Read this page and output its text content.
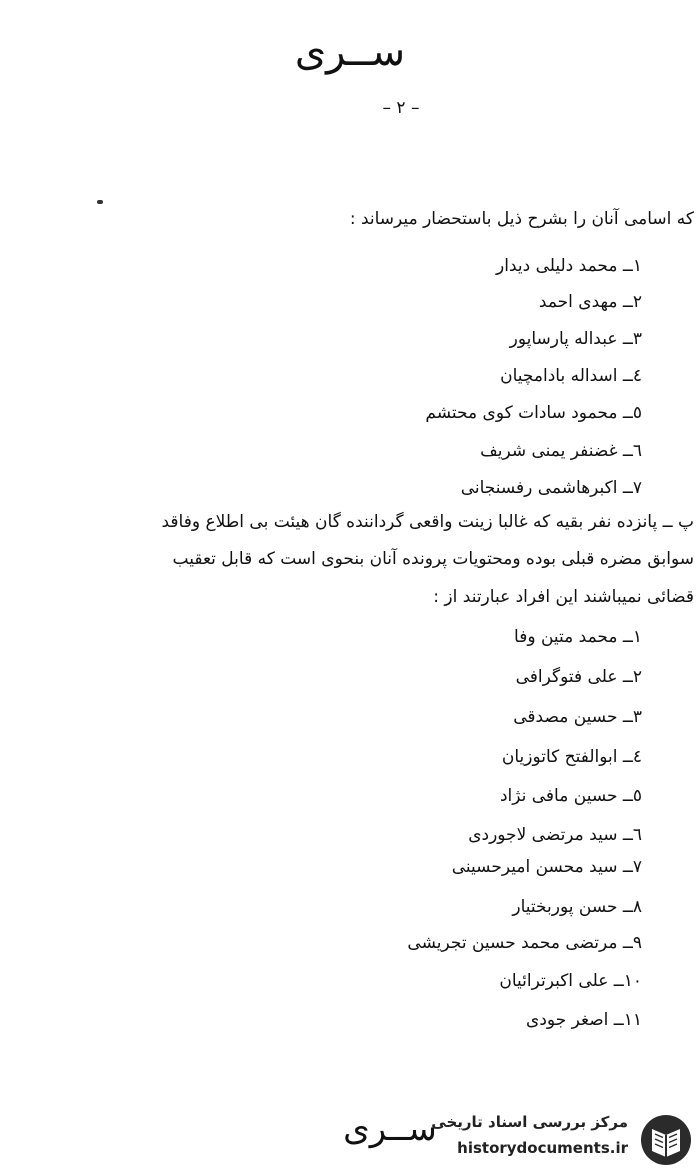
ســری
– ۲ –
که اسامی آنان را بشرح ذیل باستحضار میرساند :
۱ــ محمد دلیلی دیدار
۲ــ مهدی احمد
۳ــ عبداله پارساپور
٤ــ اسداله بادامچیان
٥ــ محمود سادات کوی محتشم
٦ــ غضنفر یمنی شریف
۷ــ اکبرهاشمی رفسنجانی
پ ــ پانزده نفر بقیه که غالبا زینت واقعی گرداننده گان هیئت بی اطلاع وفاقد
سوابق مضره قبلی بوده ومحتویات پرونده آنان بنحوی است که قابل تعقیب
قضائی نمیباشند این افراد عبارتند از :
۱ــ محمد متین وفا
۲ــ علی فتوگرافی
۳ــ حسین مصدقی
٤ــ ابوالفتح کاتوزیان
٥ــ حسین مافی نژاد
٦ــ سید مرتضی لاجوردی
۷ــ سید محسن امیرحسینی
۸ــ حسن پوربختیار
۹ــ مرتضی محمد حسین تجریشی
۱۰ــ علی اکبرترائیان
۱۱ــ اصغر جودی
ســری
مرکز بررسی اسناد تاریخی
historydocuments.ir
